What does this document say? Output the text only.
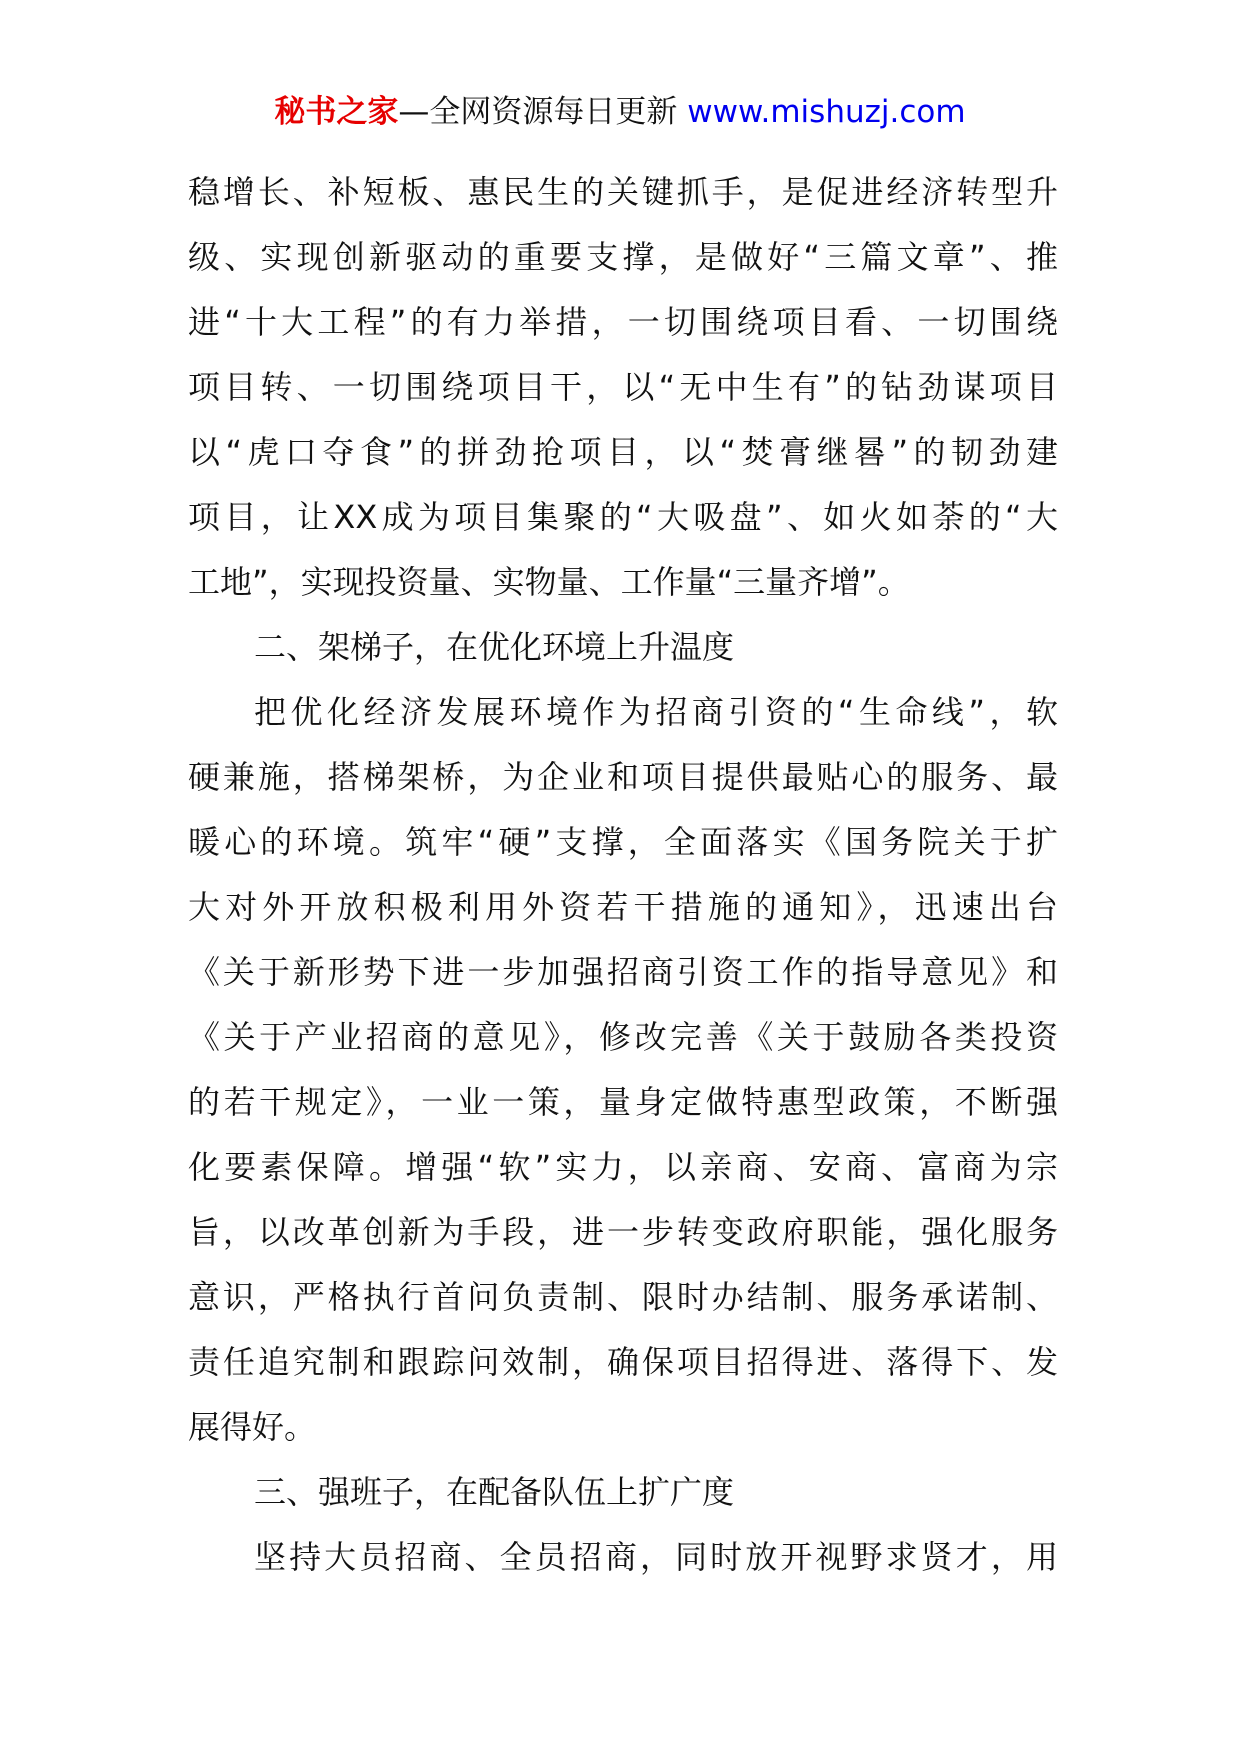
秘书之家—全网资源每日更新 www.mishuzj.com
稳增长、补短板、惠民生的关键抓手，是促进经济转型升
级、实现创新驱动的重要支撑，是做好“三篇文章”、推
进“十大工程”的有力举措，一切围绕项目看、一切围绕
项目转、一切围绕项目干，以“无中生有”的钻劲谋项目
以“虎口夺食”的拼劲抢项目，以“焚膏继晷”的韧劲建
项目，让XX成为项目集聚的“大吸盘”、如火如荼的“大
工地”，实现投资量、实物量、工作量“三量齐增”。
二、架梯子，在优化环境上升温度
把优化经济发展环境作为招商引资的“生命线”，软
硬兼施，搭梯架桥，为企业和项目提供最贴心的服务、最
暖心的环境。筑牢“硬”支撑，全面落实《国务院关于扩
大对外开放积极利用外资若干措施的通知》，迅速出台
《关于新形势下进一步加强招商引资工作的指导意见》和
《关于产业招商的意见》，修改完善《关于鼓励各类投资
的若干规定》，一业一策，量身定做特惠型政策，不断强
化要素保障。增强“软”实力，以亲商、安商、富商为宗
旨，以改革创新为手段，进一步转变政府职能，强化服务
意识，严格执行首问负责制、限时办结制、服务承诺制、
责任追究制和跟踪问效制，确保项目招得进、落得下、发
展得好。
三、强班子，在配备队伍上扩广度
坚持大员招商、全员招商，同时放开视野求贤才，用
